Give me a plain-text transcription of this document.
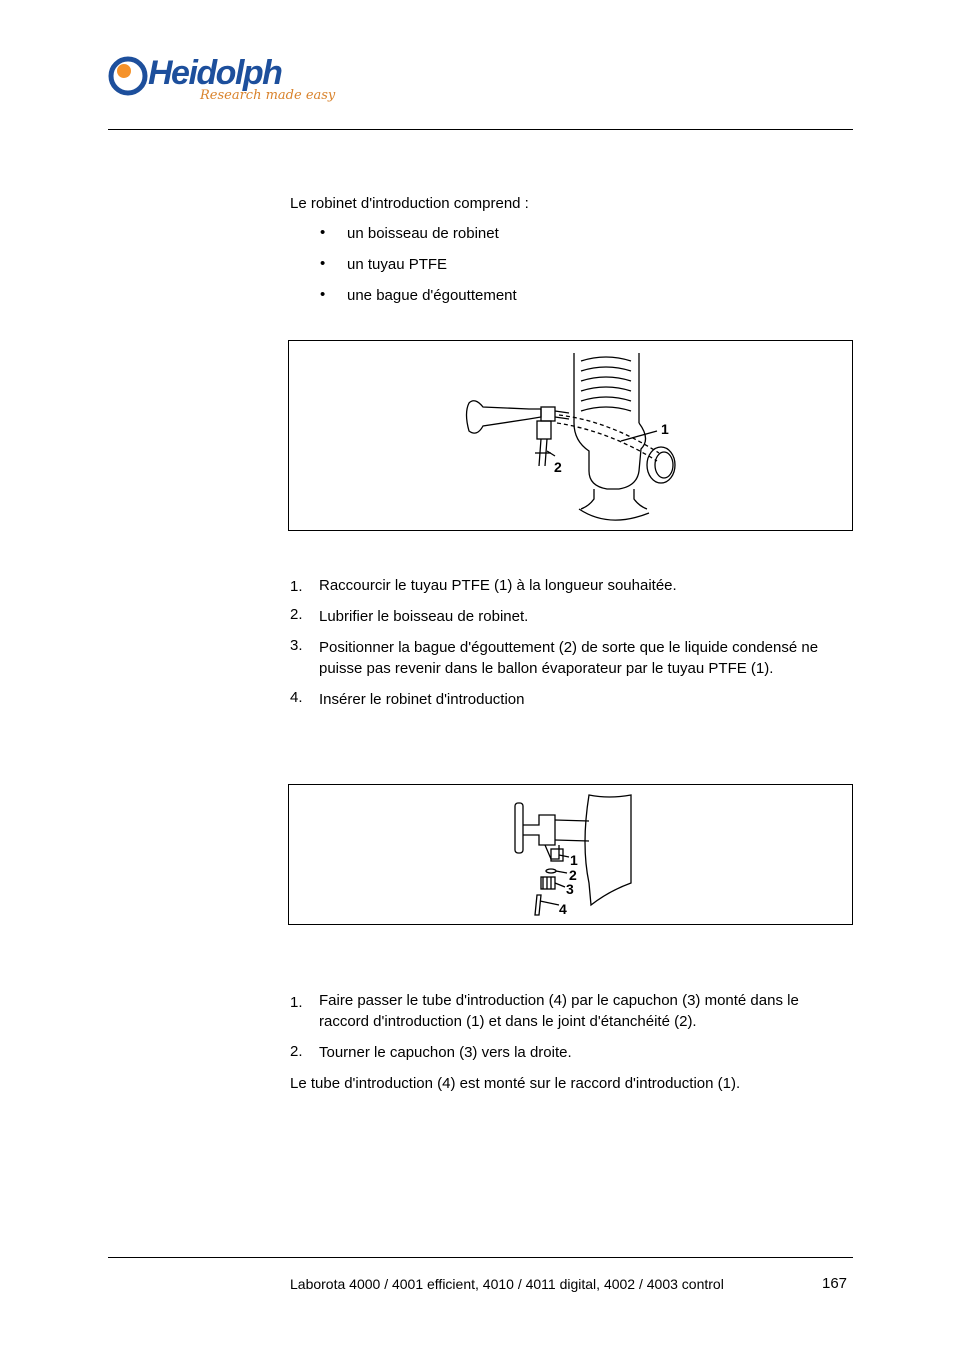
Heidolph
Research made easy
Le robinet d'introduction comprend :
• un boisseau de robinet
• un tuyau PTFE
• une bague d'égouttement
1
2
1. Raccourcir le tuyau PTFE (1) à la longueur souhaitée.
2. Lubrifier le boisseau de robinet.
3. Positionner la bague d'égouttement (2) de sorte que le liquide condensé ne puisse pas revenir dans le ballon évaporateur par le tuyau PTFE (1).
4. Insérer le robinet d'introduction
1
2
3
4
1. Faire passer le tube d'introduction (4) par le capuchon (3) monté dans le raccord d'introduction (1) et dans le joint d'étanchéité (2).
2. Tourner le capuchon (3) vers la droite.
Le tube d'introduction (4) est monté sur le raccord d'introduction (1).
Laborota 4000 / 4001 efficient, 4010 / 4011 digital, 4002 / 4003 control	167
